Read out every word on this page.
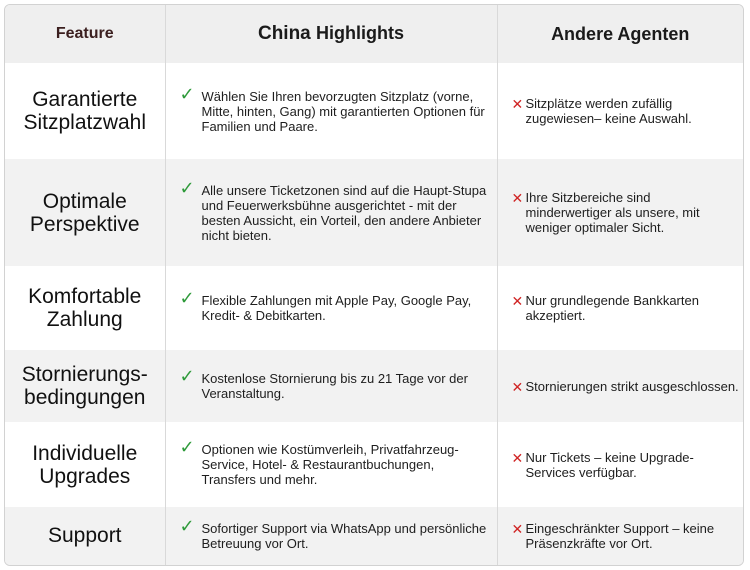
Feature	China Highlights	Andere Agenten
Garantierte Sitzplatzwahl	✓ Wählen Sie Ihren bevorzugten Sitzplatz (vorne, Mitte, hinten, Gang) mit garantierten Optionen für Familien und Paare.	✕ Sitzplätze werden zufällig zugewiesen– keine Auswahl.

Optimale Perspektive	✓ Alle unsere Ticketzonen sind auf die Haupt-Stupa und Feuerwerksbühne ausgerichtet - mit der besten Aussicht, ein Vorteil, den andere Anbieter nicht bieten.	✕ Ihre Sitzbereiche sind minderwertiger als unsere, mit weniger optimaler Sicht.

Komfortable Zahlung	✓ Flexible Zahlungen mit Apple Pay, Google Pay, Kredit- & Debitkarten.	✕ Nur grundlegende Bankkarten akzeptiert.

Stornierungs-bedingungen	✓ Kostenlose Stornierung bis zu 21 Tage vor der Veranstaltung.	✕ Stornierungen strikt ausgeschlossen.

Individuelle Upgrades	✓ Optionen wie Kostümverleih, Privatfahrzeug-Service, Hotel- & Restaurantbuchungen, Transfers und mehr.	✕ Nur Tickets – keine Upgrade-Services verfügbar.

Support	✓ Sofortiger Support via WhatsApp und persönliche Betreuung vor Ort.	✕ Eingeschränkter Support – keine Präsenzkräfte vor Ort.
